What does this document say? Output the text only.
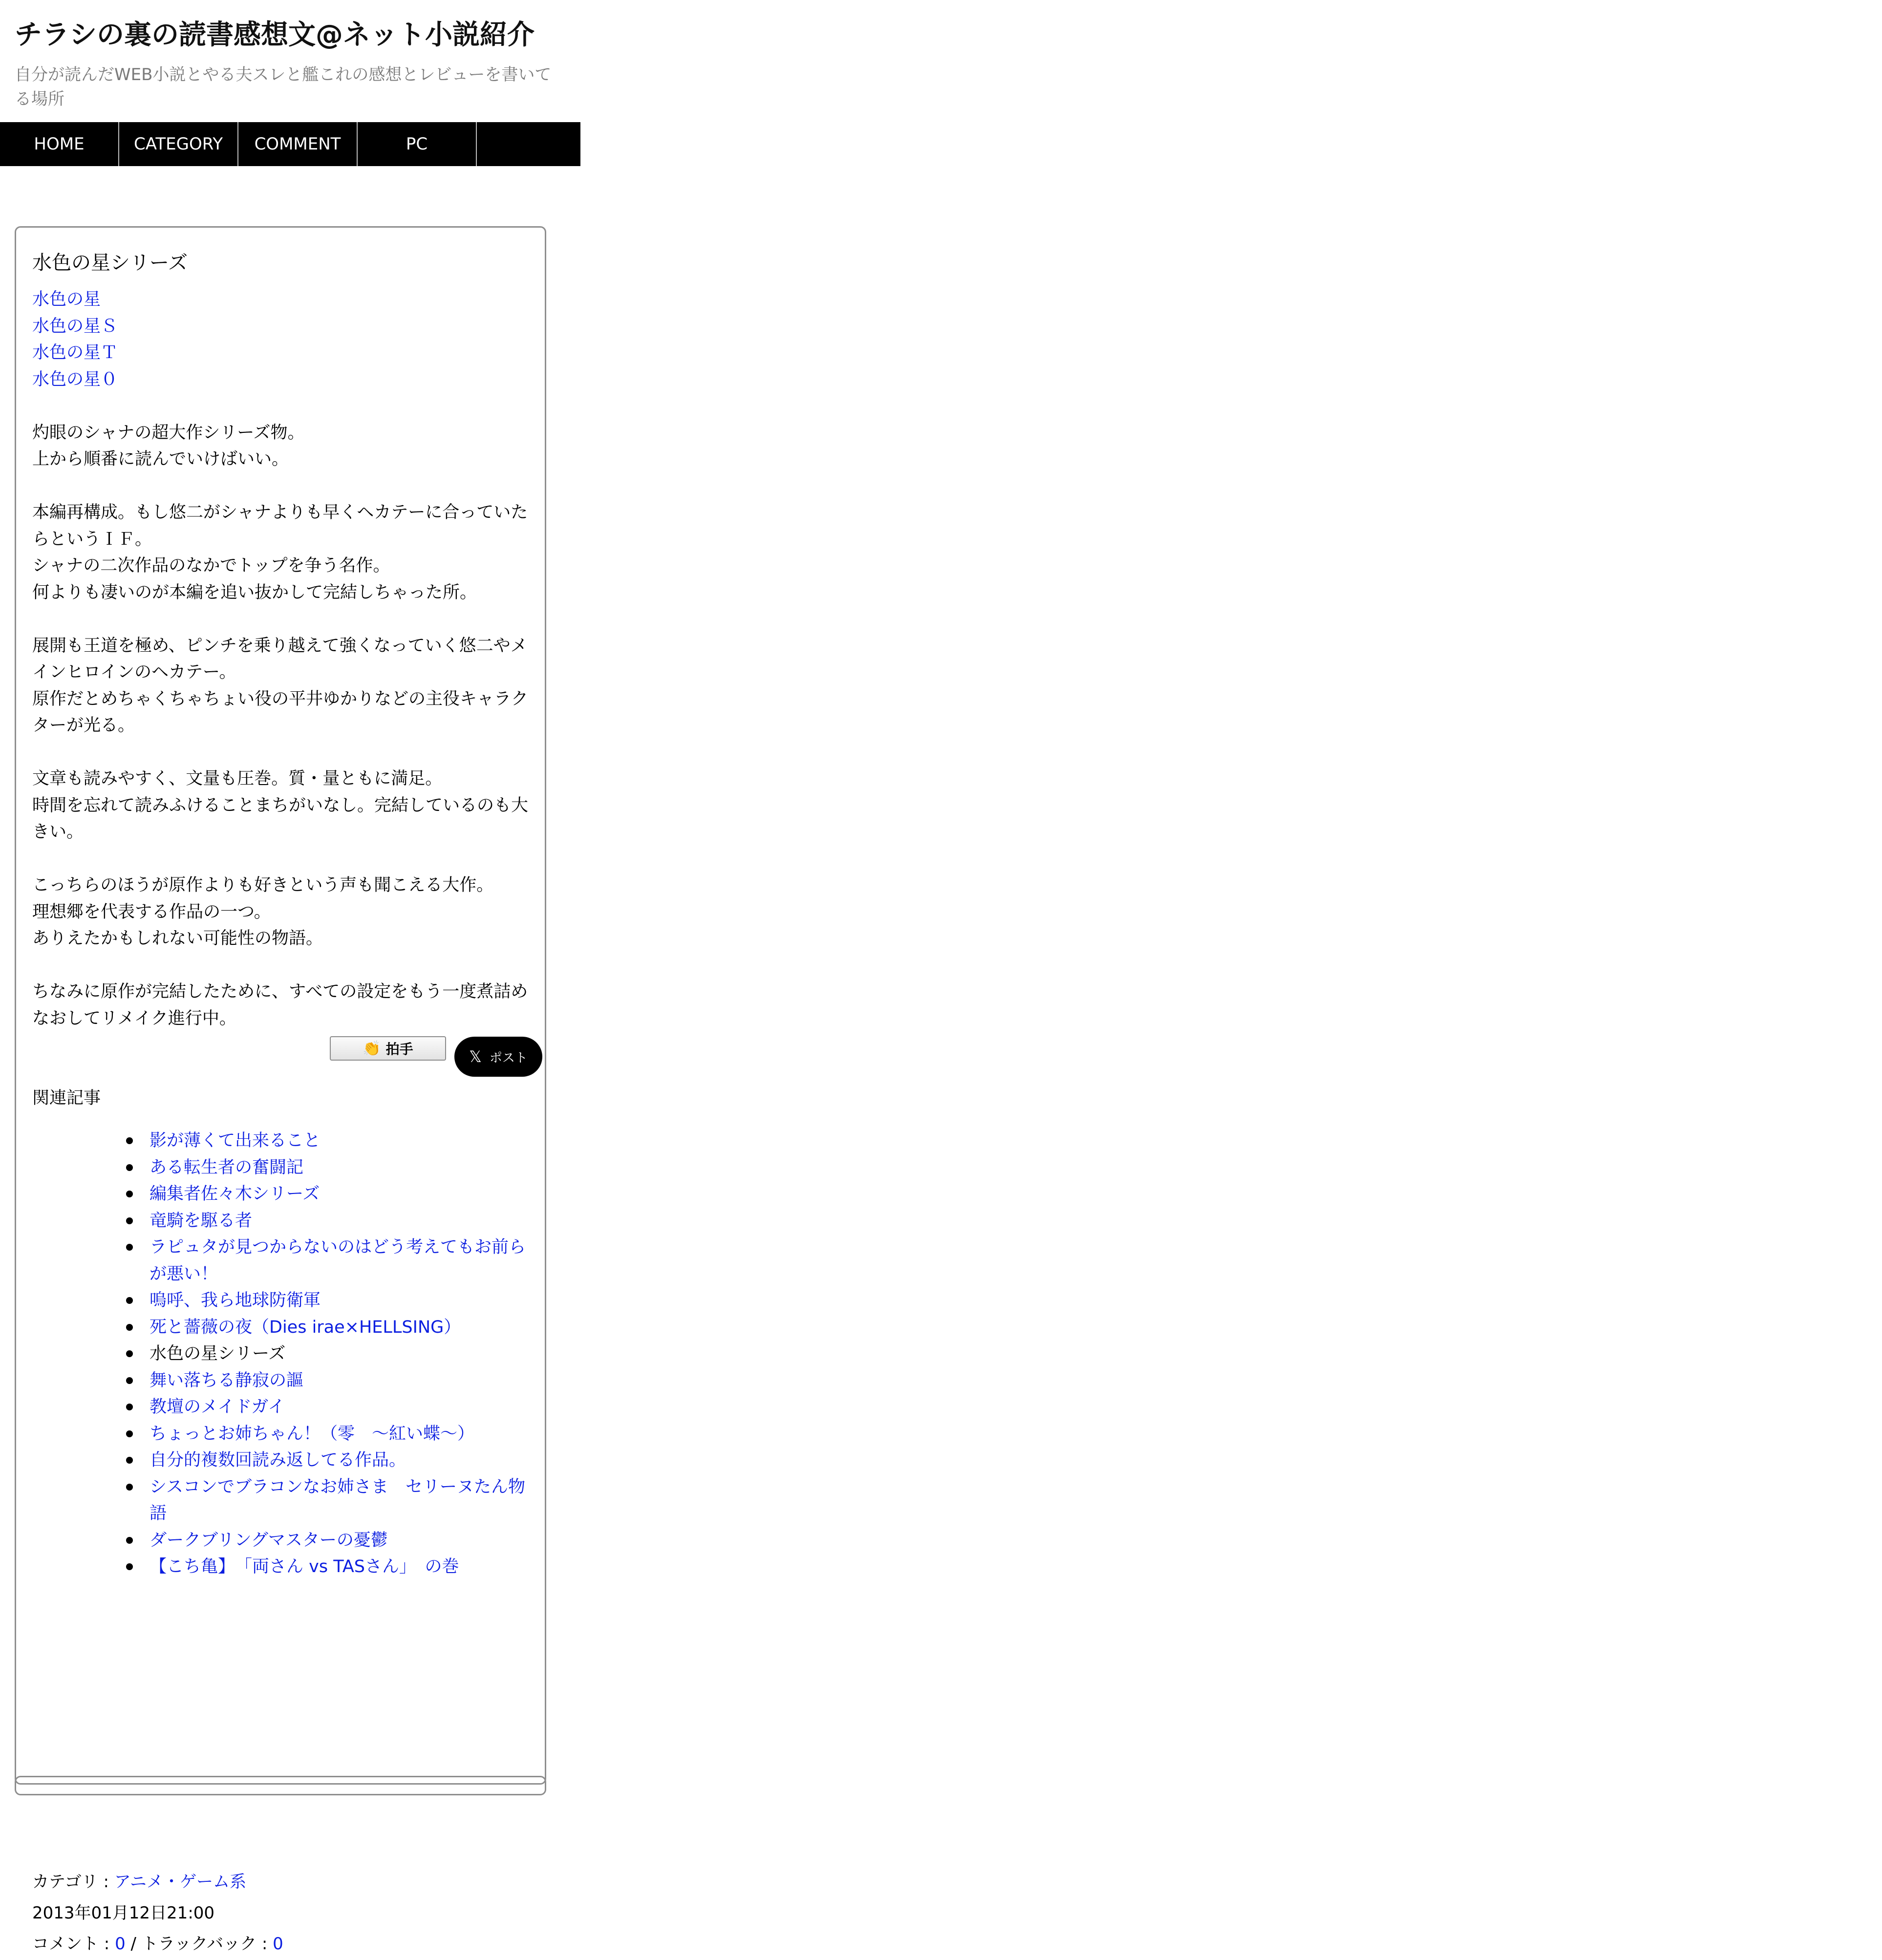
チラシの裏の読書感想文@ネット小説紹介
自分が読んだWEB小説とやる夫スレと艦これの感想とレビューを書いてる場所
HOME	CATEGORY	COMMENT	PC
水色の星シリーズ
水色の星
水色の星Ｓ
水色の星Ｔ
水色の星０
灼眼のシャナの超大作シリーズ物。
上から順番に読んでいけばいい。
本編再構成。もし悠二がシャナよりも早くヘカテーに合っていたらというＩＦ。
シャナの二次作品のなかでトップを争う名作。
何よりも凄いのが本編を追い抜かして完結しちゃった所。
展開も王道を極め、ピンチを乗り越えて強くなっていく悠二やメインヒロインのヘカテー。
原作だとめちゃくちゃちょい役の平井ゆかりなどの主役キャラクターが光る。
文章も読みやすく、文量も圧巻。質・量ともに満足。
時間を忘れて読みふけることまちがいなし。完結しているのも大きい。
こっちらのほうが原作よりも好きという声も聞こえる大作。
理想郷を代表する作品の一つ。
ありえたかもしれない可能性の物語。
ちなみに原作が完結したために、すべての設定をもう一度煮詰めなおしてリメイク進行中。
👏 拍手	𝕏 ポスト
関連記事
影が薄くて出来ること
ある転生者の奮闘記
編集者佐々木シリーズ
竜騎を駆る者
ラピュタが見つからないのはどう考えてもお前らが悪い！
嗚呼、我ら地球防衛軍
死と薔薇の夜（Dies irae×HELLSING）
水色の星シリーズ
舞い落ちる静寂の謳
教壇のメイドガイ
ちょっとお姉ちゃん！（零　〜紅い蝶〜）
自分的複数回読み返してる作品。
シスコンでブラコンなお姉さま　セリーヌたん物語
ダークブリングマスターの憂鬱
【こち亀】　「両さん vs TASさん」　の巻
カテゴリ : アニメ・ゲーム系
2013年01月12日21:00
コメント : 0 / トラックバック : 0
